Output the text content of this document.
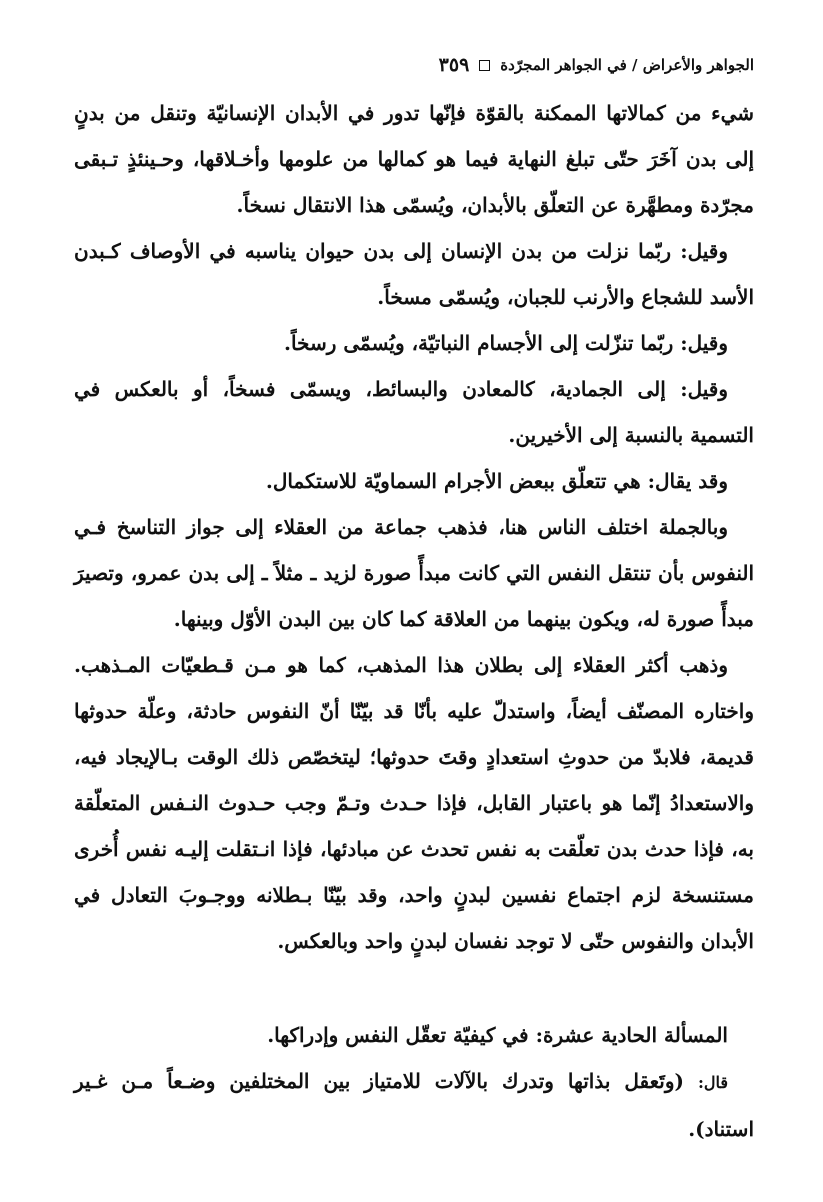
الجواهر والأعراض / في الجواهر المجرّدة
٣٥٩

شيء من كمالاتها الممكنة بالقوّة فإنّها تدور في الأبدان الإنسانيّة وتنقل من بدنٍ إلى بدن آخَرَ حتّى تبلغ النهاية فيما هو كمالها من علومها وأخـلاقها، وحـينئذٍ تـبقى مجرّدة ومطهَّرة عن التعلّق بالأبدان، ويُسمّى هذا الانتقال نسخاً.

وقيل: ربّما نزلت من بدن الإنسان إلى بدن حيوان يناسبه في الأوصاف كـبدن الأسد للشجاع والأرنب للجبان، ويُسمّى مسخاً.

وقيل: ربّما تنزّلت إلى الأجسام النباتيّة، ويُسمّى رسخاً.

وقيل: إلى الجمادية، كالمعادن والبسائط، ويسمّى فسخاً، أو بالعكس في التسمية بالنسبة إلى الأخيرين.

وقد يقال: هي تتعلّق ببعض الأجرام السماويّة للاستكمال.

وبالجملة اختلف الناس هنا، فذهب جماعة من العقلاء إلى جواز التناسخ فـي النفوس بأن تنتقل النفس التي كانت مبدأً صورة لزيد ـ مثلاً ـ إلى بدن عمرو، وتصيرَ مبدأً صورة له، ويكون بينهما من العلاقة كما كان بين البدن الأوّل وبينها.

وذهب أكثر العقلاء إلى بطلان هذا المذهب، كما هو مـن قـطعيّات المـذهب. واختاره المصنّف أيضاً، واستدلّ عليه بأنّا قد بيّنّا أنّ النفوس حادثة، وعلّة حدوثها قديمة، فلابدّ من حدوثِ استعدادٍ وقتَ حدوثها؛ ليتخصّص ذلك الوقت بـالإيجاد فيه، والاستعدادُ إنّما هو باعتبار القابل، فإذا حـدث وتـمّ وجب حـدوث النـفس المتعلّقة به، فإذا حدث بدن تعلّقت به نفس تحدث عن مبادئها، فإذا انـتقلت إليـه نفس أُخرى مستنسخة لزم اجتماع نفسين لبدنٍ واحد، وقد بيّنّا بـطلانه ووجـوبَ التعادل في الأبدان والنفوس حتّى لا توجد نفسان لبدنٍ واحد وبالعكس.

المسألة الحادية عشرة: في كيفيّة تعقّل النفس وإدراكها.

قال: (وتَعقل بذاتها وتدرك بالآلات للامتياز بين المختلفين وضـعاً مـن غـير استناد).
